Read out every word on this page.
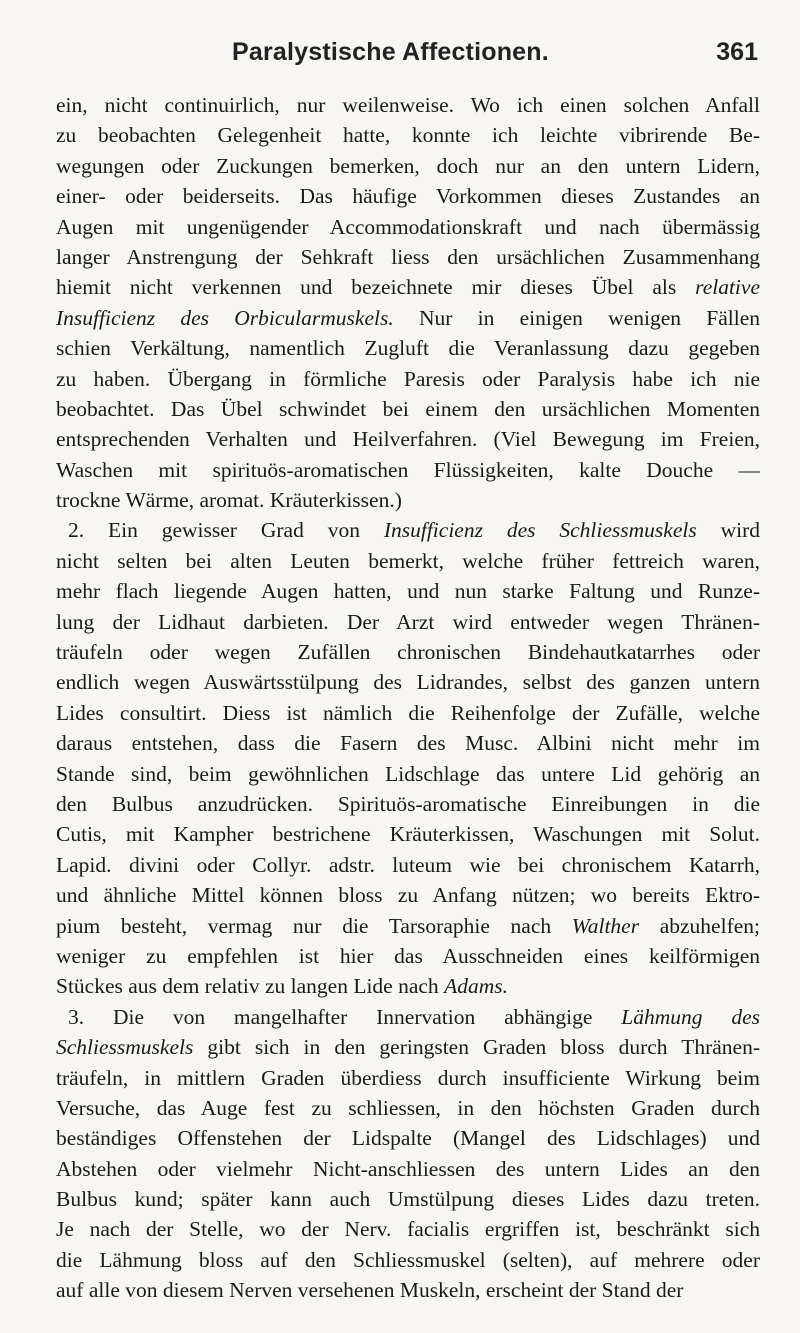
Paralystische Affectionen.	361
ein, nicht continuirlich, nur weilenweise. Wo ich einen solchen Anfall
zu beobachten Gelegenheit hatte, konnte ich leichte vibrirende Be-
wegungen oder Zuckungen bemerken, doch nur an den untern Lidern,
einer- oder beiderseits. Das häufige Vorkommen dieses Zustandes an
Augen mit ungenügender Accommodationskraft und nach übermässig
langer Anstrengung der Sehkraft liess den ursächlichen Zusammenhang
hiemit nicht verkennen und bezeichnete mir dieses Übel als relative
Insufficienz des Orbicularmuskels. Nur in einigen wenigen Fällen
schien Verkältung, namentlich Zugluft die Veranlassung dazu gegeben
zu haben. Übergang in förmliche Paresis oder Paralysis habe ich nie
beobachtet. Das Übel schwindet bei einem den ursächlichen Momenten
entsprechenden Verhalten und Heilverfahren. (Viel Bewegung im Freien,
Waschen mit spirituös-aromatischen Flüssigkeiten, kalte Douche —
trockne Wärme, aromat. Kräuterkissen.)
2. Ein gewisser Grad von Insufficienz des Schliessmuskels wird
nicht selten bei alten Leuten bemerkt, welche früher fettreich waren,
mehr flach liegende Augen hatten, und nun starke Faltung und Runze-
lung der Lidhaut darbieten. Der Arzt wird entweder wegen Thränen-
träufeln oder wegen Zufällen chronischen Bindehautkatarrhes oder
endlich wegen Auswärtsstülpung des Lidrandes, selbst des ganzen untern
Lides consultirt. Diess ist nämlich die Reihenfolge der Zufälle, welche
daraus entstehen, dass die Fasern des Musc. Albini nicht mehr im
Stande sind, beim gewöhnlichen Lidschlage das untere Lid gehörig an
den Bulbus anzudrücken. Spirituös-aromatische Einreibungen in die
Cutis, mit Kampher bestrichene Kräuterkissen, Waschungen mit Solut.
Lapid. divini oder Collyr. adstr. luteum wie bei chronischem Katarrh,
und ähnliche Mittel können bloss zu Anfang nützen; wo bereits Ektro-
pium besteht, vermag nur die Tarsoraphie nach Walther abzuhelfen;
weniger zu empfehlen ist hier das Ausschneiden eines keilförmigen
Stückes aus dem relativ zu langen Lide nach Adams.
3. Die von mangelhafter Innervation abhängige Lähmung des
Schliessmuskels gibt sich in den geringsten Graden bloss durch Thränen-
träufeln, in mittlern Graden überdiess durch insufficiente Wirkung beim
Versuche, das Auge fest zu schliessen, in den höchsten Graden durch
beständiges Offenstehen der Lidspalte (Mangel des Lidschlages) und
Abstehen oder vielmehr Nicht-anschliessen des untern Lides an den
Bulbus kund; später kann auch Umstülpung dieses Lides dazu treten.
Je nach der Stelle, wo der Nerv. facialis ergriffen ist, beschränkt sich
die Lähmung bloss auf den Schliessmuskel (selten), auf mehrere oder
auf alle von diesem Nerven versehenen Muskeln, erscheint der Stand der
